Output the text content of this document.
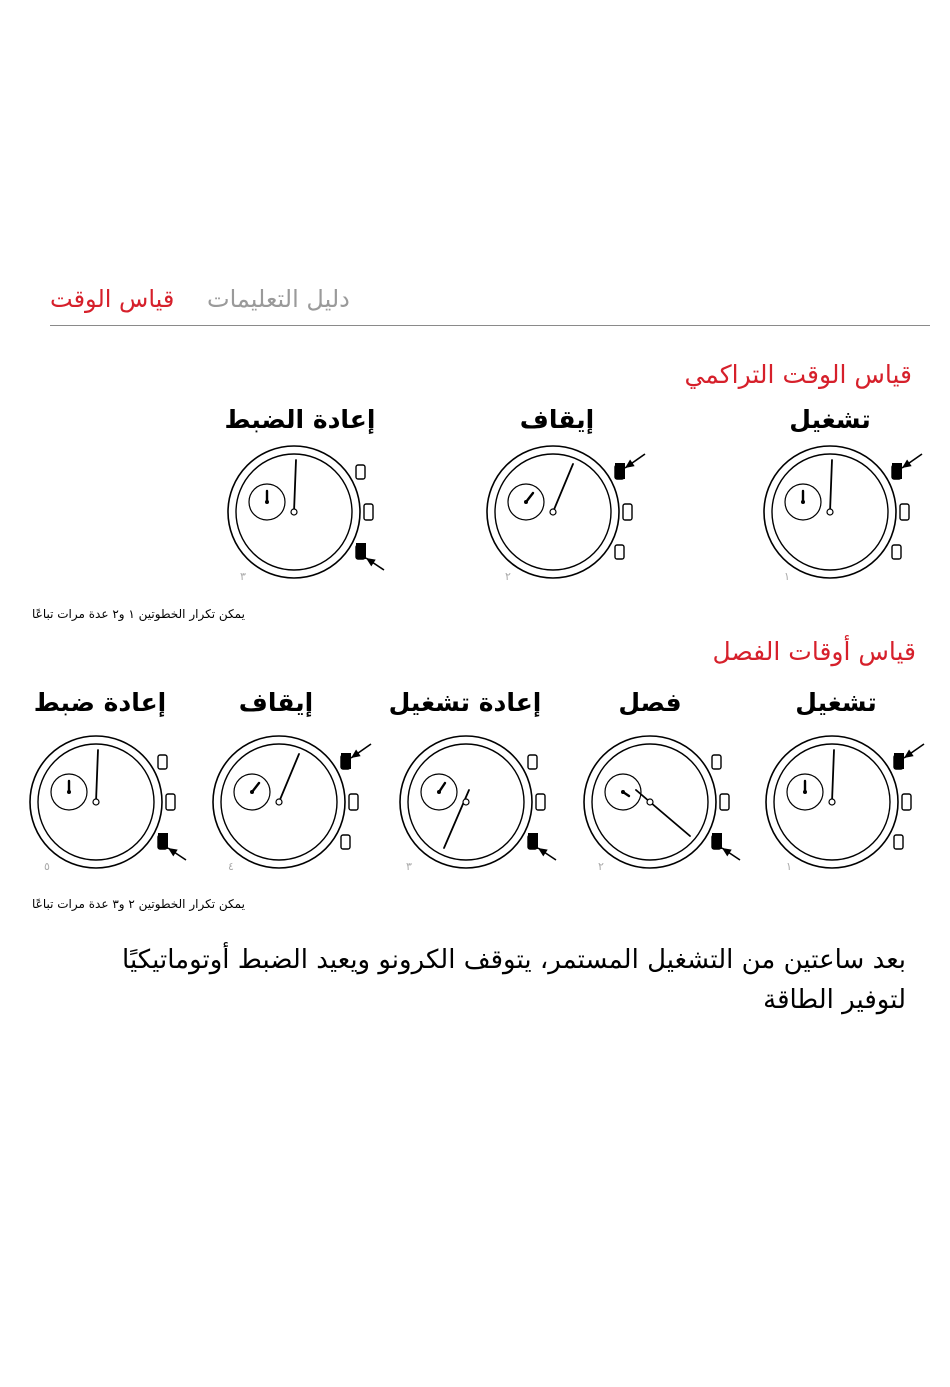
قياس الوقت دليل التعليمات
قياس الوقت التراكمي
تشغيل
إيقاف
إعادة الضبط
١
٢
٣
يمكن تكرار الخطوتين ١ و٢ عدة مرات تباعًا
قياس أوقات الفصل
تشغيل
فصل
إعادة تشغيل
إيقاف
إعادة ضبط
١
٢
٣
٤
٥
يمكن تكرار الخطوتين ٢ و٣ عدة مرات تباعًا
بعد ساعتين من التشغيل المستمر، يتوقف الكرونو ويعيد الضبط أوتوماتيكيًا لتوفير الطاقة
